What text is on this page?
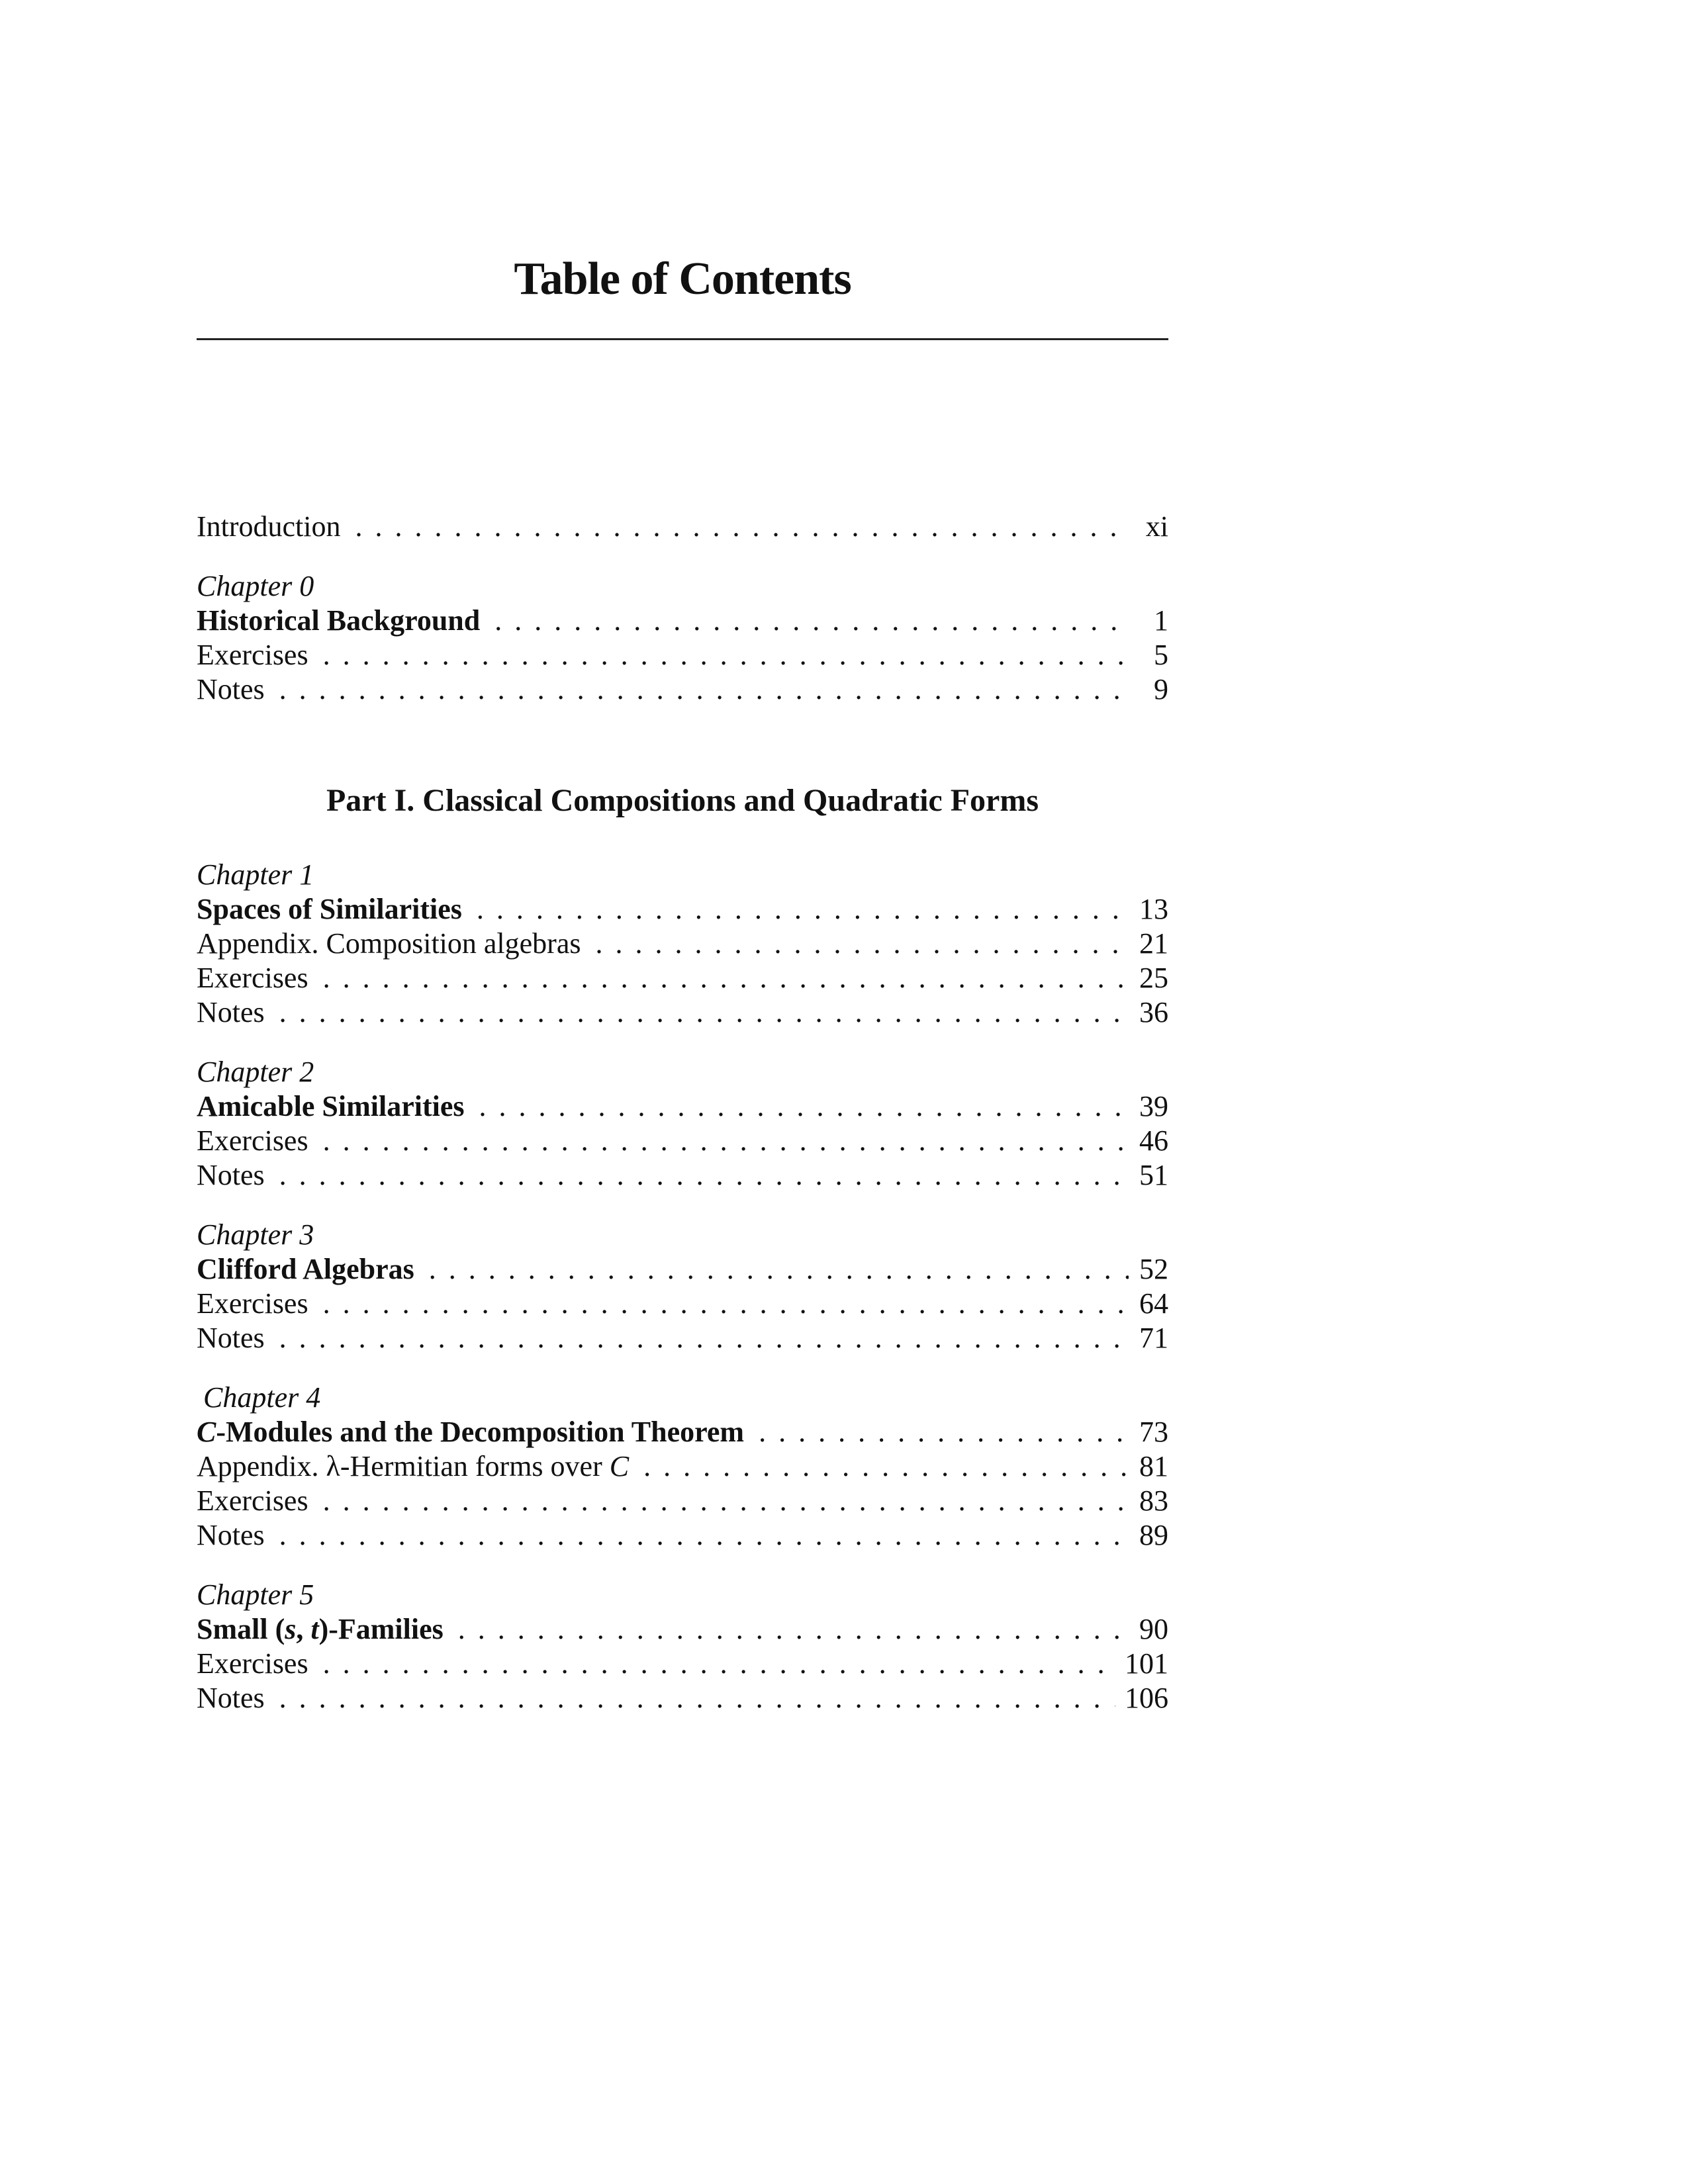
Table of Contents
Introduction . . .	xi
Chapter 0
Historical Background . . .	1
Exercises . . .	5
Notes . . .	9
Part I. Classical Compositions and Quadratic Forms
Chapter 1
Spaces of Similarities . . .	13
Appendix. Composition algebras . . .	21
Exercises . . .	25
Notes . . .	36
Chapter 2
Amicable Similarities . . .	39
Exercises . . .	46
Notes . . .	51
Chapter 3
Clifford Algebras . . .	52
Exercises . . .	64
Notes . . .	71
Chapter 4
C-Modules and the Decomposition Theorem . . .	73
Appendix. λ-Hermitian forms over C . . .	81
Exercises . . .	83
Notes . . .	89
Chapter 5
Small (s, t)-Families . . .	90
Exercises . . .	101
Notes . . .	106
